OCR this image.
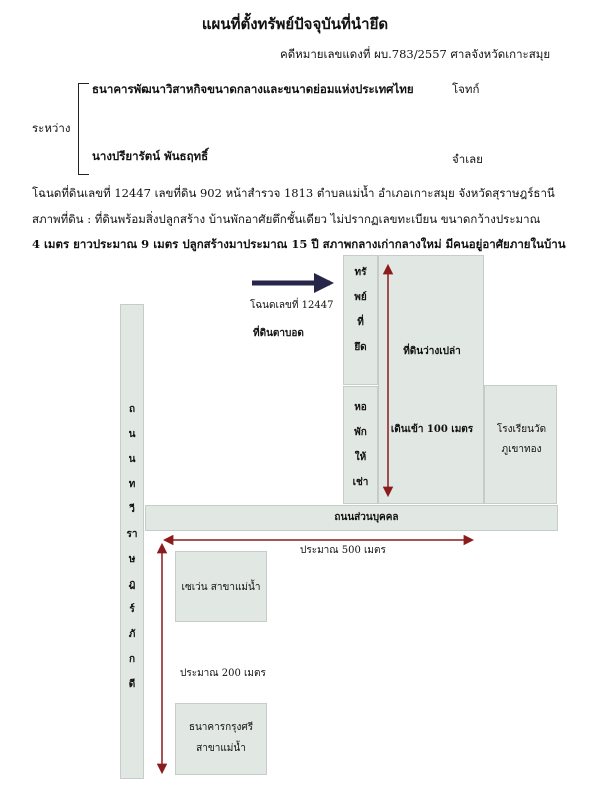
แผนที่ตั้งทรัพย์ปัจจุบันที่นำยึด
คดีหมายเลขแดงที่ ผบ.783/2557 ศาลจังหวัดเกาะสมุย
ระหว่าง
ธนาคารพัฒนาวิสาหกิจขนาดกลางและขนาดย่อมแห่งประเทศไทย	โจทก์
นางปรียารัตน์ พันธฤทธิ์	จำเลย
โฉนดที่ดินเลขที่ 12447 เลขที่ดิน 902 หน้าสำรวจ 1813 ตำบลแม่น้ำ อำเภอเกาะสมุย จังหวัดสุราษฎร์ธานี
สภาพที่ดิน : ที่ดินพร้อมสิ่งปลูกสร้าง บ้านพักอาศัยตึกชั้นเดียว ไม่ปรากฏเลขทะเบียน ขนาดกว้างประมาณ
4 เมตร ยาวประมาณ 9 เมตร ปลูกสร้างมาประมาณ 15 ปี สภาพกลางเก่ากลางใหม่ มีคนอยู่อาศัยภายในบ้าน
ถ
น
น
ท
วี
รา
ษ
ฎ
ร์
ภั
ก
ดี
ถนนส่วนบุคคล
ทรั
พย์
ที่
ยึด
หอ
พัก
ให้
เช่า
ที่ดินว่างเปล่า
เดินเข้า 100 เมตร	โรงเรียนวัด
ภูเขาทอง
เซเว่น สาขาแม่น้ำ
ธนาคารกรุงศรี
สาขาแม่น้ำ
โฉนดเลขที่ 12447
ที่ดินตาบอด
ประมาณ 500 เมตร
ประมาณ 200 เมตร
